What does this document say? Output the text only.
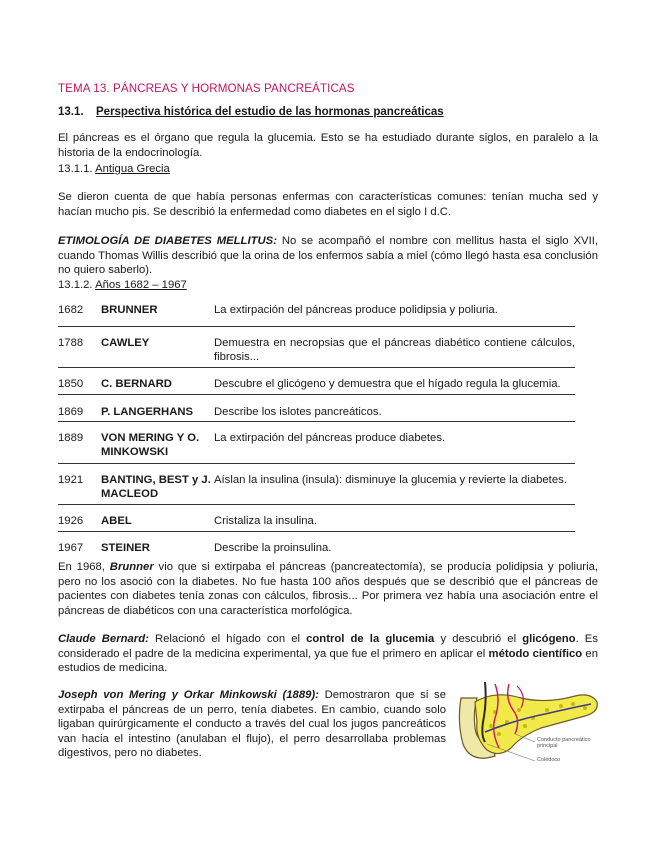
TEMA 13. PÁNCREAS Y HORMONAS PANCREÁTICAS
13.1. Perspectiva histórica del estudio de las hormonas pancreáticas
El páncreas es el órgano que regula la glucemia. Esto se ha estudiado durante siglos, en paralelo a la historia de la endocrinología.
13.1.1. Antigua Grecia
Se dieron cuenta de que había personas enfermas con características comunes: tenían mucha sed y hacían mucho pis. Se describió la enfermedad como diabetes en el siglo I d.C.
ETIMOLOGÍA DE DIABETES MELLITUS: No se acompañó el nombre con mellitus hasta el siglo XVII, cuando Thomas Willis describió que la orina de los enfermos sabía a miel (cómo llegó hasta esa conclusión no quiero saberlo).
13.1.2. Años 1682 – 1967
1682	BRUNNER	La extirpación del páncreas produce polidipsia y poliuria.

1788	CAWLEY	Demuestra en necropsias que el páncreas diabético contiene cálculos, fibrosis...

1850	C. BERNARD	Descubre el glicógeno y demuestra que el hígado regula la glucemia.

1869	P. LANGERHANS	Describe los islotes pancreáticos.

1889	VON MERING Y O. MINKOWSKI	La extirpación del páncreas produce diabetes.

1921	BANTING, BEST y J. MACLEOD	Aíslan la insulina (insula): disminuye la glucemia y revierte la diabetes.

1926	ABEL	Cristaliza la insulina.

1967	STEINER	Describe la proinsulina.
En 1968, Brunner vio que si extirpaba el páncreas (pancreatectomía), se producía polidipsia y poliuria, pero no los asoció con la diabetes. No fue hasta 100 años después que se describió que el páncreas de pacientes con diabetes tenía zonas con cálculos, fibrosis... Por primera vez había una asociación entre el páncreas de diabéticos con una característica morfológica.
Claude Bernard: Relacionó el hígado con el control de la glucemia y descubrió el glicógeno. Es considerado el padre de la medicina experimental, ya que fue el primero en aplicar el método científico en estudios de medicina.
Joseph von Mering y Orkar Minkowski (1889): Demostraron que si se extirpaba el páncreas de un perro, tenía diabetes. En cambio, cuando solo ligaban quirúrgicamente el conducto a través del cual los jugos pancreáticos van hacia el intestino (anulaban el flujo), el perro desarrollaba problemas digestivos, pero no diabetes.
Conducto pancreático principal
Colédoco
